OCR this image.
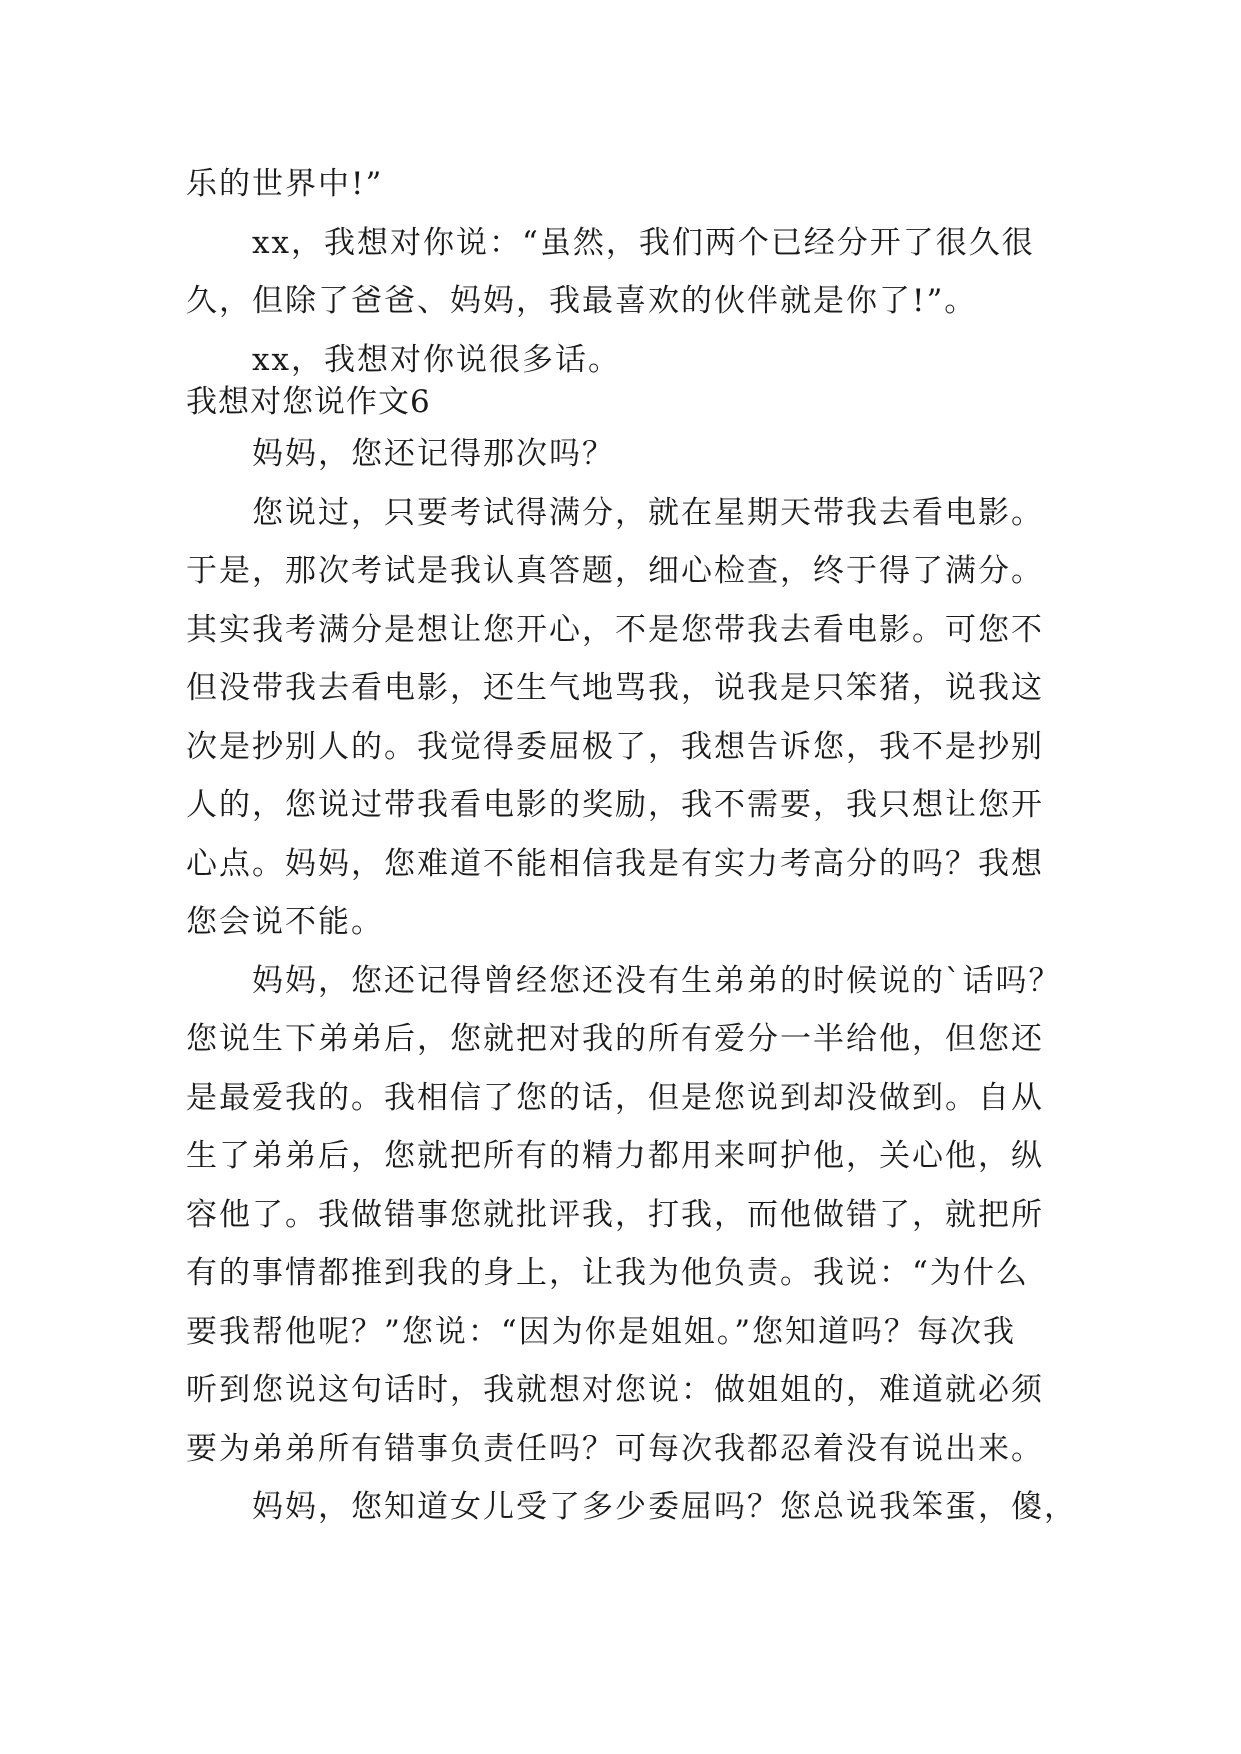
乐的世界中!”
xx，我想对你说：“虽然，我们两个已经分开了很久很
久，但除了爸爸、妈妈，我最喜欢的伙伴就是你了!”。
xx，我想对你说很多话。
我想对您说作文6
妈妈，您还记得那次吗？
您说过，只要考试得满分，就在星期天带我去看电影。
于是，那次考试是我认真答题，细心检查，终于得了满分。
其实我考满分是想让您开心，不是您带我去看电影。可您不
但没带我去看电影，还生气地骂我，说我是只笨猪，说我这
次是抄别人的。我觉得委屈极了，我想告诉您，我不是抄别
人的，您说过带我看电影的奖励，我不需要，我只想让您开
心点。妈妈，您难道不能相信我是有实力考高分的吗？我想
您会说不能。
妈妈，您还记得曾经您还没有生弟弟的时候说的`话吗？
您说生下弟弟后，您就把对我的所有爱分一半给他，但您还
是最爱我的。我相信了您的话，但是您说到却没做到。自从
生了弟弟后，您就把所有的精力都用来呵护他，关心他，纵
容他了。我做错事您就批评我，打我，而他做错了，就把所
有的事情都推到我的身上，让我为他负责。我说：“为什么
要我帮他呢？”您说：“因为你是姐姐。”您知道吗？每次我
听到您说这句话时，我就想对您说：做姐姐的，难道就必须
要为弟弟所有错事负责任吗？可每次我都忍着没有说出来。
妈妈，您知道女儿受了多少委屈吗？您总说我笨蛋，傻，
